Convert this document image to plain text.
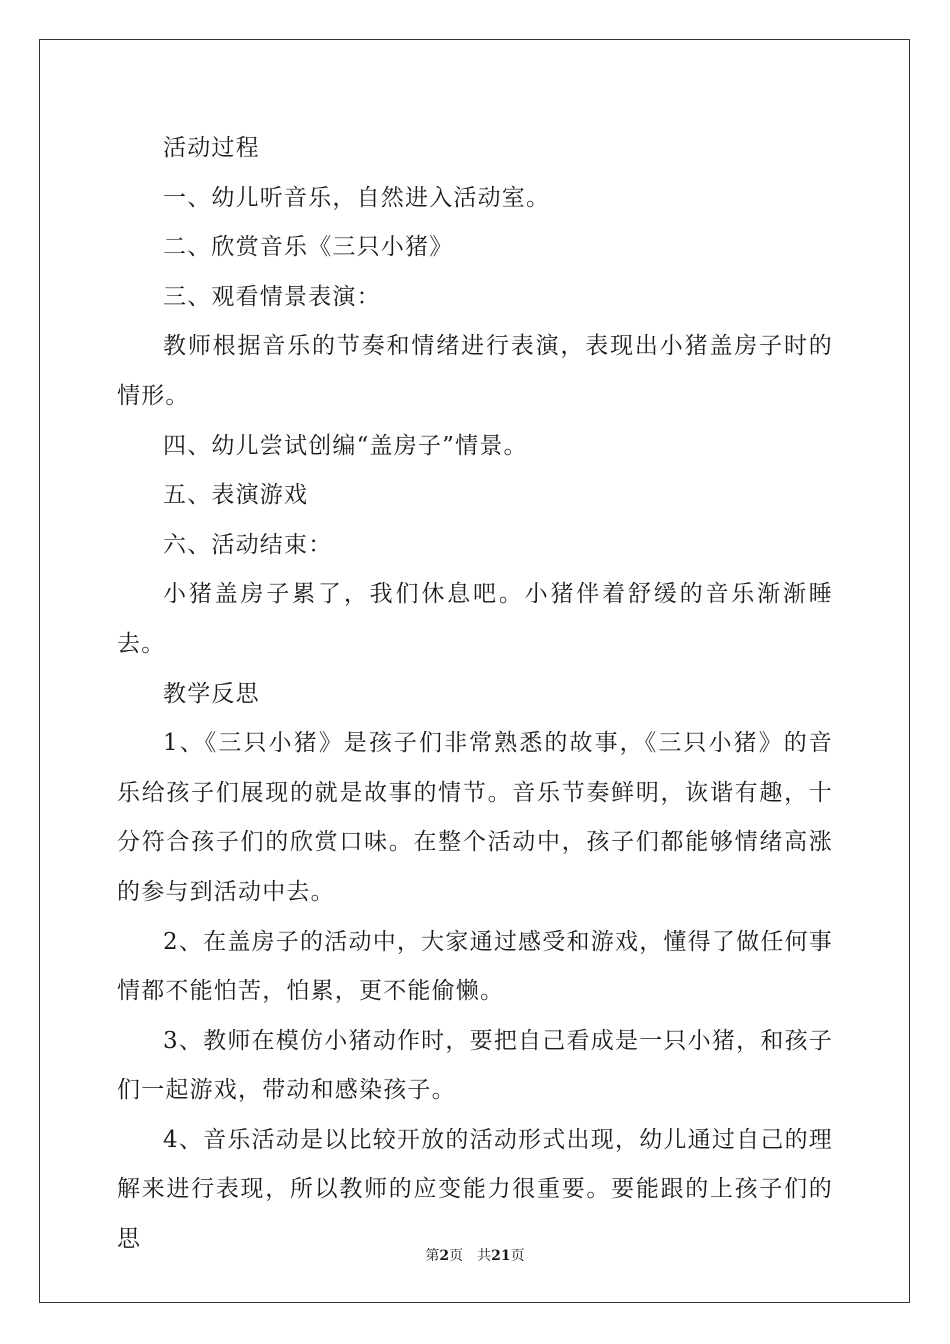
活动过程

一、幼儿听音乐，自然进入活动室。

二、欣赏音乐《三只小猪》

三、观看情景表演：

教师根据音乐的节奏和情绪进行表演，表现出小猪盖房子时的情形。

四、幼儿尝试创编“盖房子”情景。

五、表演游戏

六、活动结束：

小猪盖房子累了，我们休息吧。小猪伴着舒缓的音乐渐渐睡去。

教学反思

1、《三只小猪》是孩子们非常熟悉的故事，《三只小猪》的音乐给孩子们展现的就是故事的情节。音乐节奏鲜明，诙谐有趣，十分符合孩子们的欣赏口味。在整个活动中，孩子们都能够情绪高涨的参与到活动中去。

2、在盖房子的活动中，大家通过感受和游戏，懂得了做任何事情都不能怕苦，怕累，更不能偷懒。

3、教师在模仿小猪动作时，要把自己看成是一只小猪，和孩子们一起游戏，带动和感染孩子。

4、音乐活动是以比较开放的活动形式出现，幼儿通过自己的理解来进行表现，所以教师的应变能力很重要。要能跟的上孩子们的思

第2页 共21页
